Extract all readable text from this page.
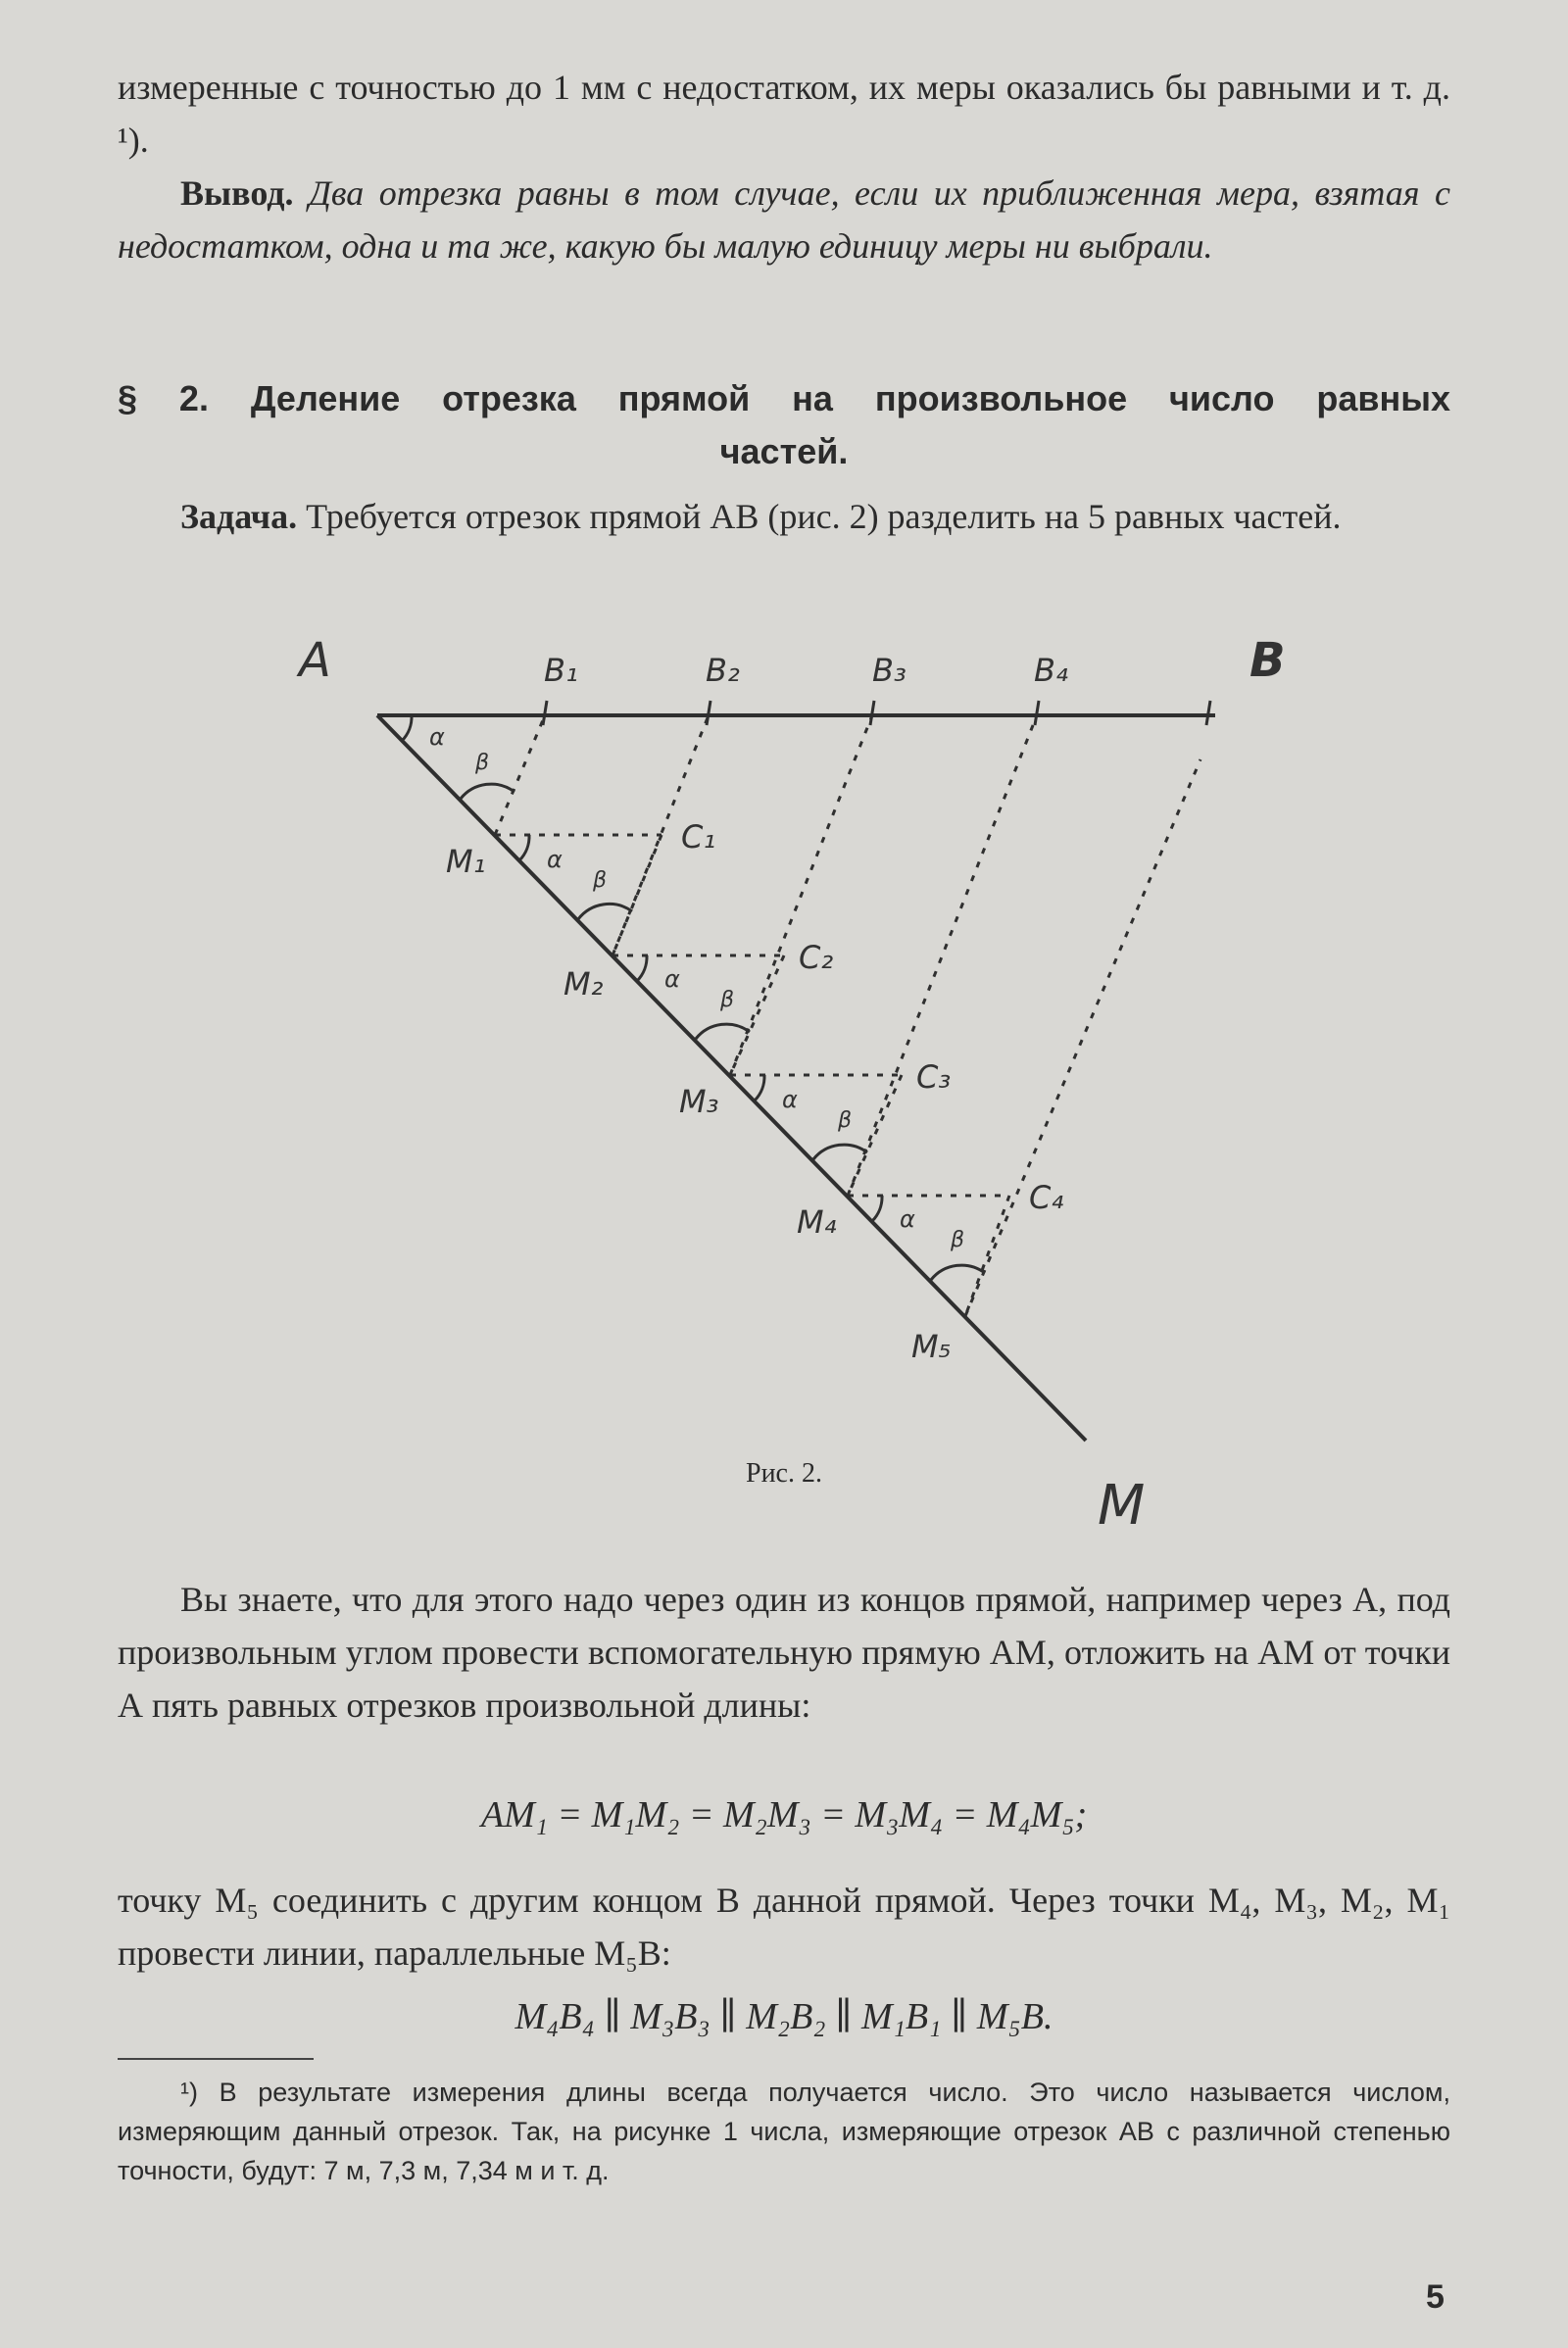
измеренные с точностью до 1 мм с недостатком, их меры оказались бы равными и т. д. ¹).
Вывод. Два отрезка равны в том случае, если их приближенная мера, взятая с недостатком, одна и та же, какую бы малую единицу меры ни выбрали.
§ 2. Деление отрезка прямой на произвольное число равных
частей.
Задача. Требуется отрезок прямой АВ (рис. 2) разделить на 5 равных частей.
A	B
M
B₁	B₂	B₃	B₄
M₁
M₂
M₃
M₄
M₅
C₁
C₂
C₃
C₄
α
β
α
β
α
β
α
β
α
β
Рис. 2.
Вы знаете, что для этого надо через один из концов прямой, например через А, под произвольным углом провести вспомогательную прямую АМ, отложить на АМ от точки А пять равных отрезков произвольной длины:
AM₁ = M₁M₂ = M₂M₃ = M₃M₄ = M₄M₅;
точку M₅ соединить с другим концом В данной прямой. Через точки M₄, M₃, M₂, M₁ провести линии, параллельные M₅B:
M₄B₄ ∥ M₃B₃ ∥ M₂B₂ ∥ M₁B₁ ∥ M₅B.
¹) В результате измерения длины всегда получается число. Это число называется числом, измеряющим данный отрезок. Так, на рисунке 1 числа, измеряющие отрезок АВ с различной степенью точности, будут: 7 м, 7,3 м, 7,34 м и т. д.
5
